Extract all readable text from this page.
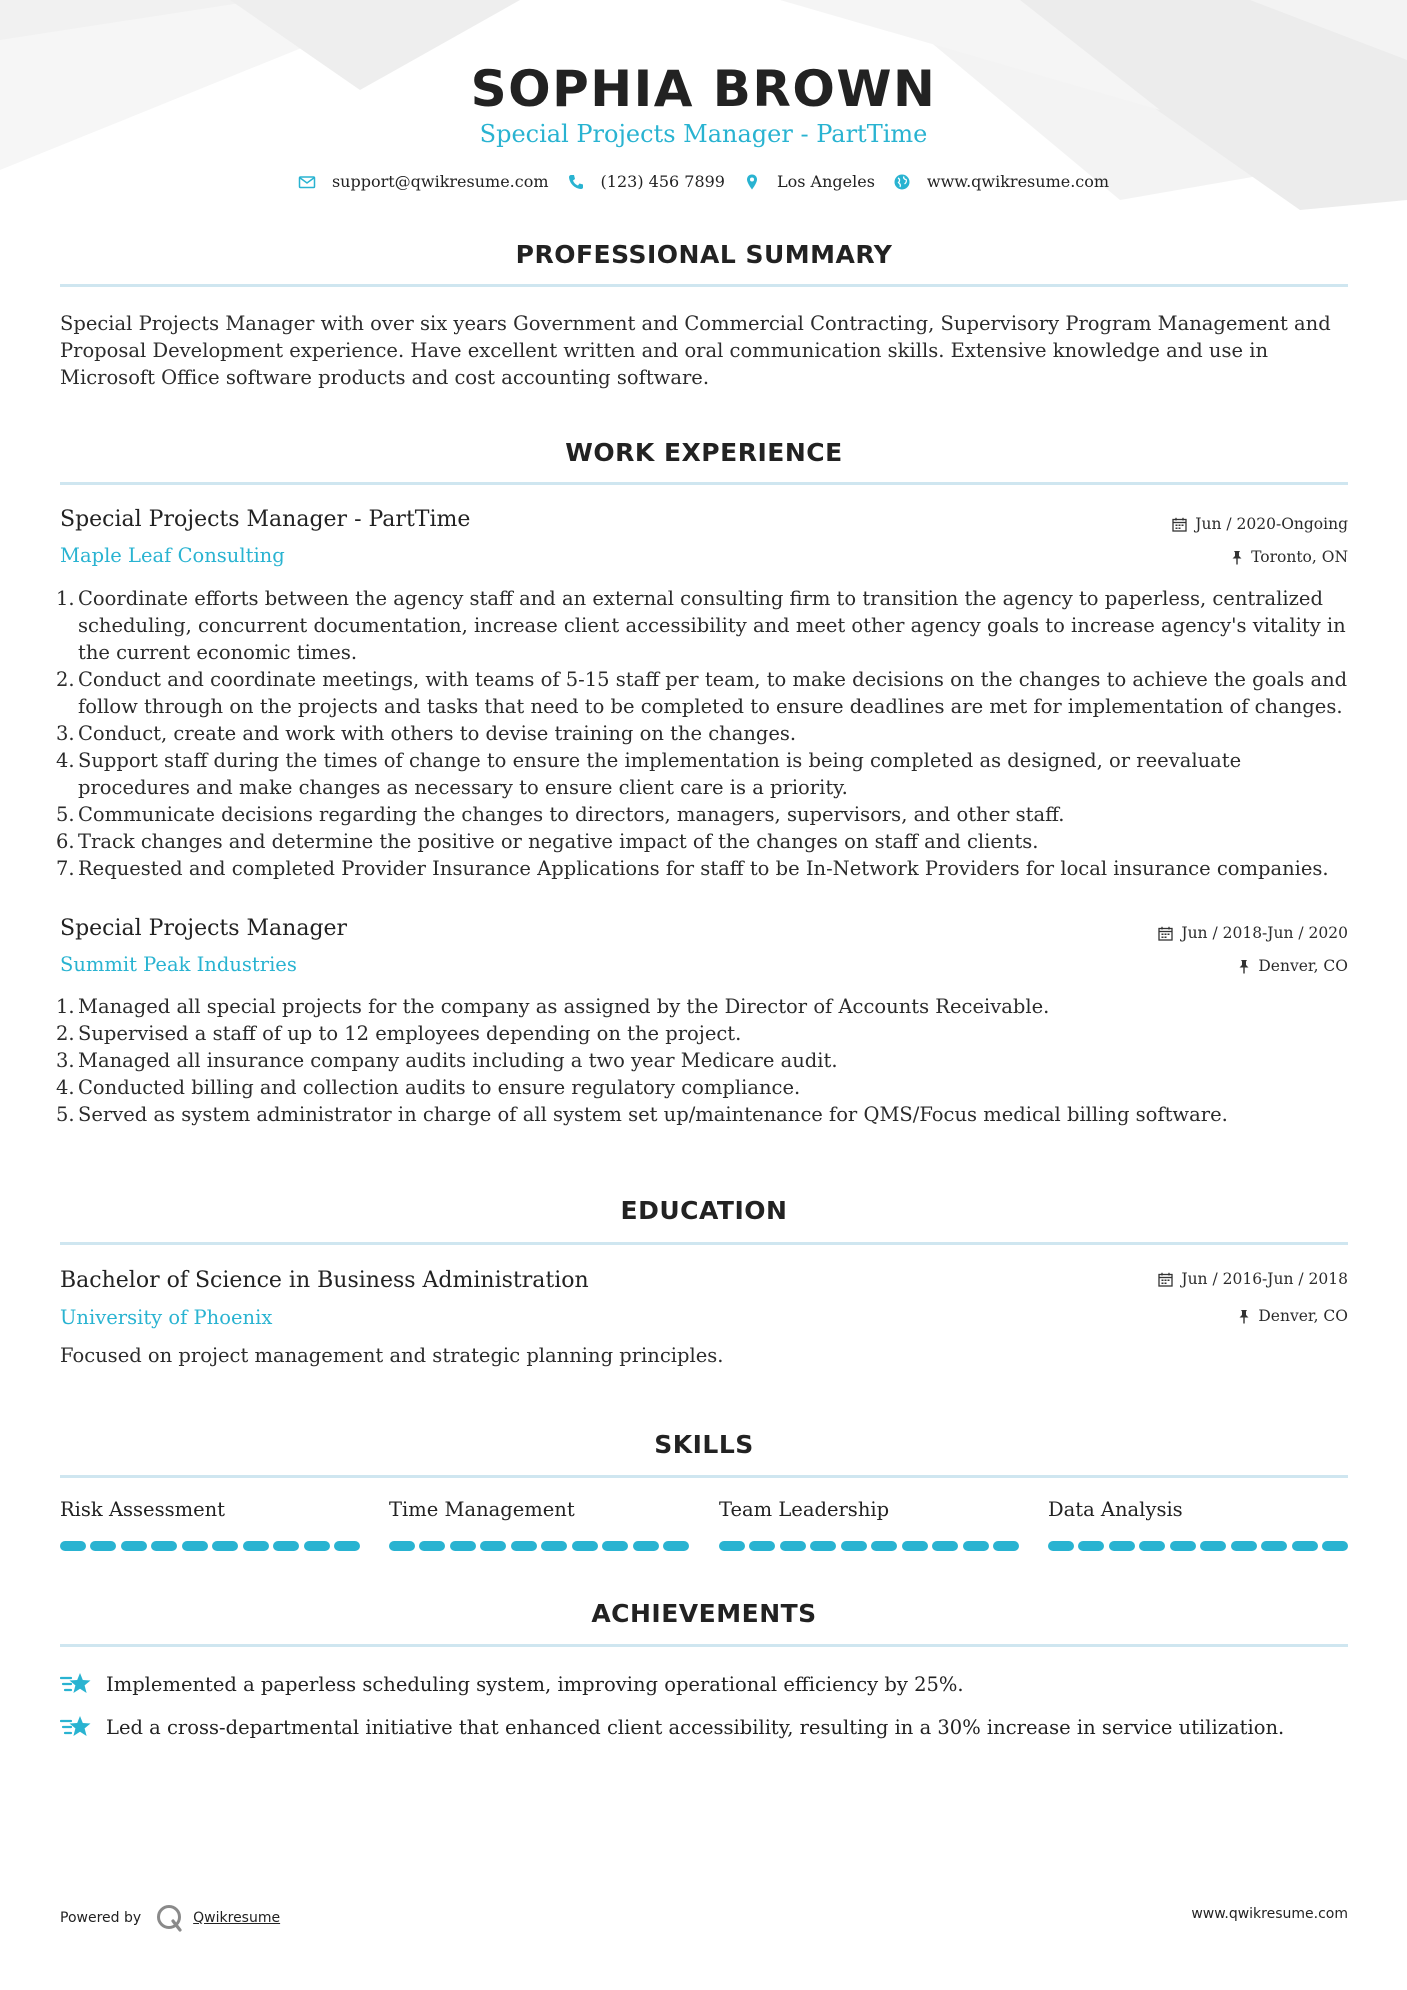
SOPHIA BROWN
Special Projects Manager - PartTime
support@qwikresume.com	(123) 456 7899	Los Angeles	www.qwikresume.com
PROFESSIONAL SUMMARY
Special Projects Manager with over six years Government and Commercial Contracting, Supervisory Program Management and Proposal Development experience. Have excellent written and oral communication skills. Extensive knowledge and use in Microsoft Office software products and cost accounting software.
WORK EXPERIENCE
Special Projects Manager - PartTime	Jun / 2020-Ongoing
Maple Leaf Consulting	Toronto, ON
Coordinate efforts between the agency staff and an external consulting firm to transition the agency to paperless, centralized scheduling, concurrent documentation, increase client accessibility and meet other agency goals to increase agency's vitality in the current economic times.
Conduct and coordinate meetings, with teams of 5-15 staff per team, to make decisions on the changes to achieve the goals and follow through on the projects and tasks that need to be completed to ensure deadlines are met for implementation of changes.
Conduct, create and work with others to devise training on the changes.
Support staff during the times of change to ensure the implementation is being completed as designed, or reevaluate procedures and make changes as necessary to ensure client care is a priority.
Communicate decisions regarding the changes to directors, managers, supervisors, and other staff.
Track changes and determine the positive or negative impact of the changes on staff and clients.
Requested and completed Provider Insurance Applications for staff to be In-Network Providers for local insurance companies.
Special Projects Manager	Jun / 2018-Jun / 2020
Summit Peak Industries	Denver, CO
Managed all special projects for the company as assigned by the Director of Accounts Receivable.
Supervised a staff of up to 12 employees depending on the project.
Managed all insurance company audits including a two year Medicare audit.
Conducted billing and collection audits to ensure regulatory compliance.
Served as system administrator in charge of all system set up/maintenance for QMS/Focus medical billing software.
EDUCATION
Bachelor of Science in Business Administration	Jun / 2016-Jun / 2018
University of Phoenix	Denver, CO
Focused on project management and strategic planning principles.
SKILLS
Risk Assessment	Time Management	Team Leadership	Data Analysis
ACHIEVEMENTS
Implemented a paperless scheduling system, improving operational efficiency by 25%.
Led a cross-departmental initiative that enhanced client accessibility, resulting in a 30% increase in service utilization.
Powered by	Qwikresume	www.qwikresume.com
